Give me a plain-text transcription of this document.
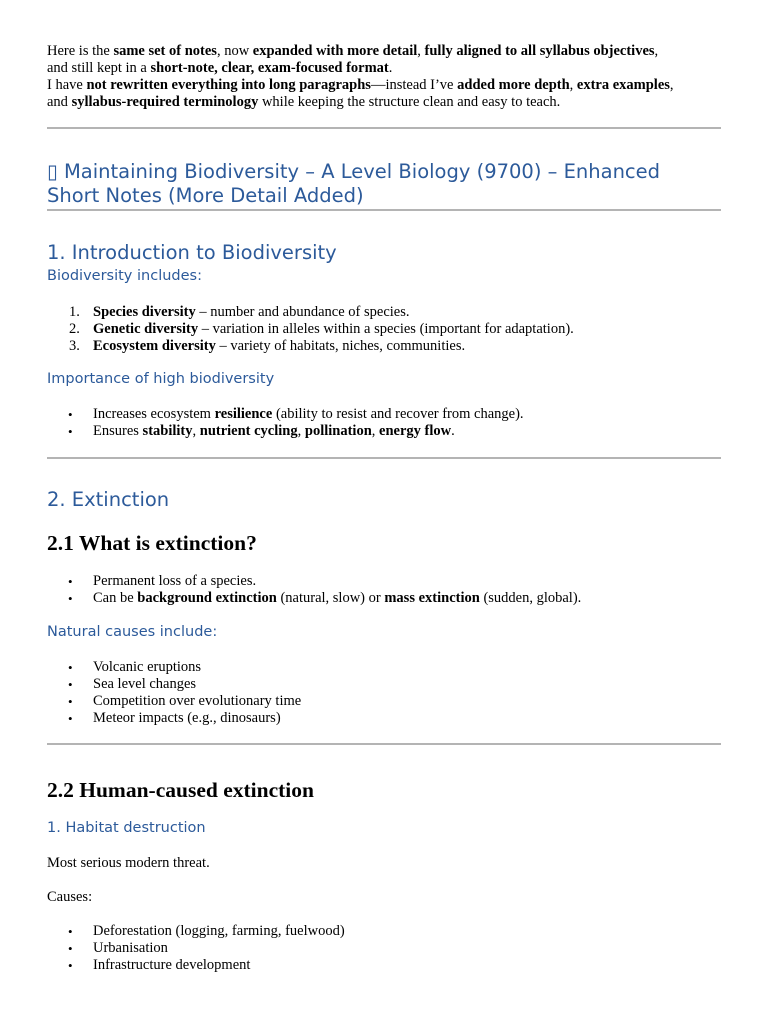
Here is the same set of notes, now expanded with more detail, fully aligned to all syllabus objectives,

and still kept in a short-note, clear, exam-focused format.

I have not rewritten everything into long paragraphs—instead I’ve added more depth, extra examples,

and syllabus-required terminology while keeping the structure clean and easy to teach.

▯ Maintaining Biodiversity – A Level Biology (9700) – Enhanced
Short Notes (More Detail Added)
1. Introduction to Biodiversity
Biodiversity includes:
1. Species diversity – number and abundance of species.
2. Genetic diversity – variation in alleles within a species (important for adaptation).
3. Ecosystem diversity – variety of habitats, niches, communities.
Importance of high biodiversity
•	Increases ecosystem resilience (ability to resist and recover from change).
•	Ensures stability, nutrient cycling, pollination, energy flow.
2. Extinction
2.1 What is extinction?
•	Permanent loss of a species.
•	Can be background extinction (natural, slow) or mass extinction (sudden, global).
Natural causes include:
•	Volcanic eruptions
•	Sea level changes
•	Competition over evolutionary time
•	Meteor impacts (e.g., dinosaurs)
2.2 Human-caused extinction
1. Habitat destruction
Most serious modern threat.
Causes:
•	Deforestation (logging, farming, fuelwood)
•	Urbanisation
•	Infrastructure development
